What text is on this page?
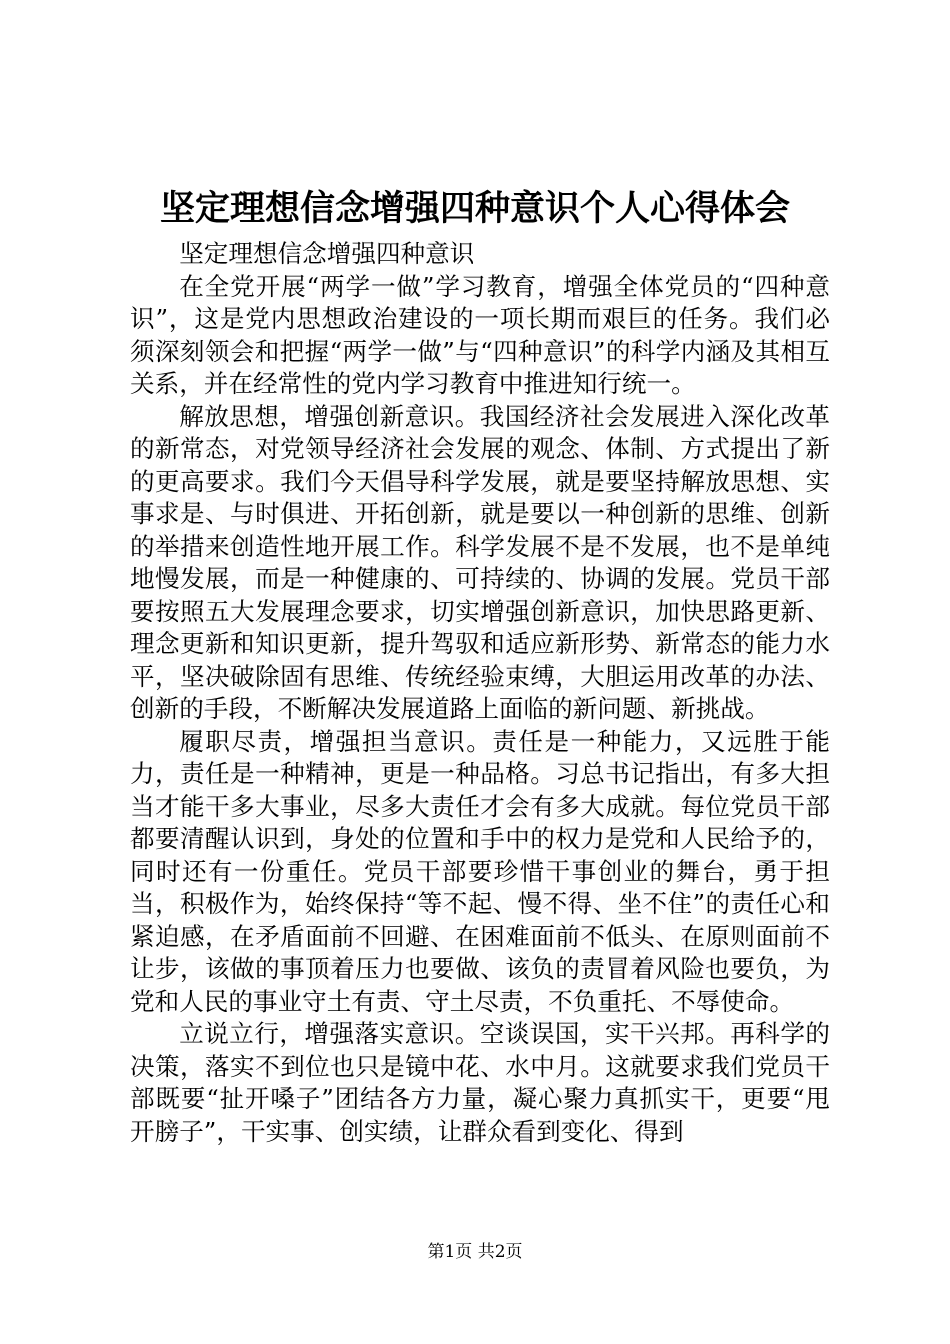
坚定理想信念增强四种意识个人心得体会

坚定理想信念增强四种意识

在全党开展“两学一做”学习教育，增强全体党员的“四种意识”，这是党内思想政治建设的一项长期而艰巨的任务。我们必须深刻领会和把握“两学一做”与“四种意识”的科学内涵及其相互关系，并在经常性的党内学习教育中推进知行统一。

解放思想，增强创新意识。我国经济社会发展进入深化改革的新常态，对党领导经济社会发展的观念、体制、方式提出了新的更高要求。我们今天倡导科学发展，就是要坚持解放思想、实事求是、与时俱进、开拓创新，就是要以一种创新的思维、创新的举措来创造性地开展工作。科学发展不是不发展，也不是单纯地慢发展，而是一种健康的、可持续的、协调的发展。党员干部要按照五大发展理念要求，切实增强创新意识，加快思路更新、理念更新和知识更新，提升驾驭和适应新形势、新常态的能力水平，坚决破除固有思维、传统经验束缚，大胆运用改革的办法、创新的手段，不断解决发展道路上面临的新问题、新挑战。

履职尽责，增强担当意识。责任是一种能力，又远胜于能力，责任是一种精神，更是一种品格。习总书记指出，有多大担当才能干多大事业，尽多大责任才会有多大成就。每位党员干部都要清醒认识到，身处的位置和手中的权力是党和人民给予的，同时还有一份重任。党员干部要珍惜干事创业的舞台，勇于担当，积极作为，始终保持“等不起、慢不得、坐不住”的责任心和紧迫感，在矛盾面前不回避、在困难面前不低头、在原则面前不让步，该做的事顶着压力也要做、该负的责冒着风险也要负，为党和人民的事业守土有责、守土尽责，不负重托、不辱使命。

立说立行，增强落实意识。空谈误国，实干兴邦。再科学的决策，落实不到位也只是镜中花、水中月。这就要求我们党员干部既要“扯开嗓子”团结各方力量，凝心聚力真抓实干，更要“甩开膀子”，干实事、创实绩，让群众看到变化、得到

第1页 共2页
